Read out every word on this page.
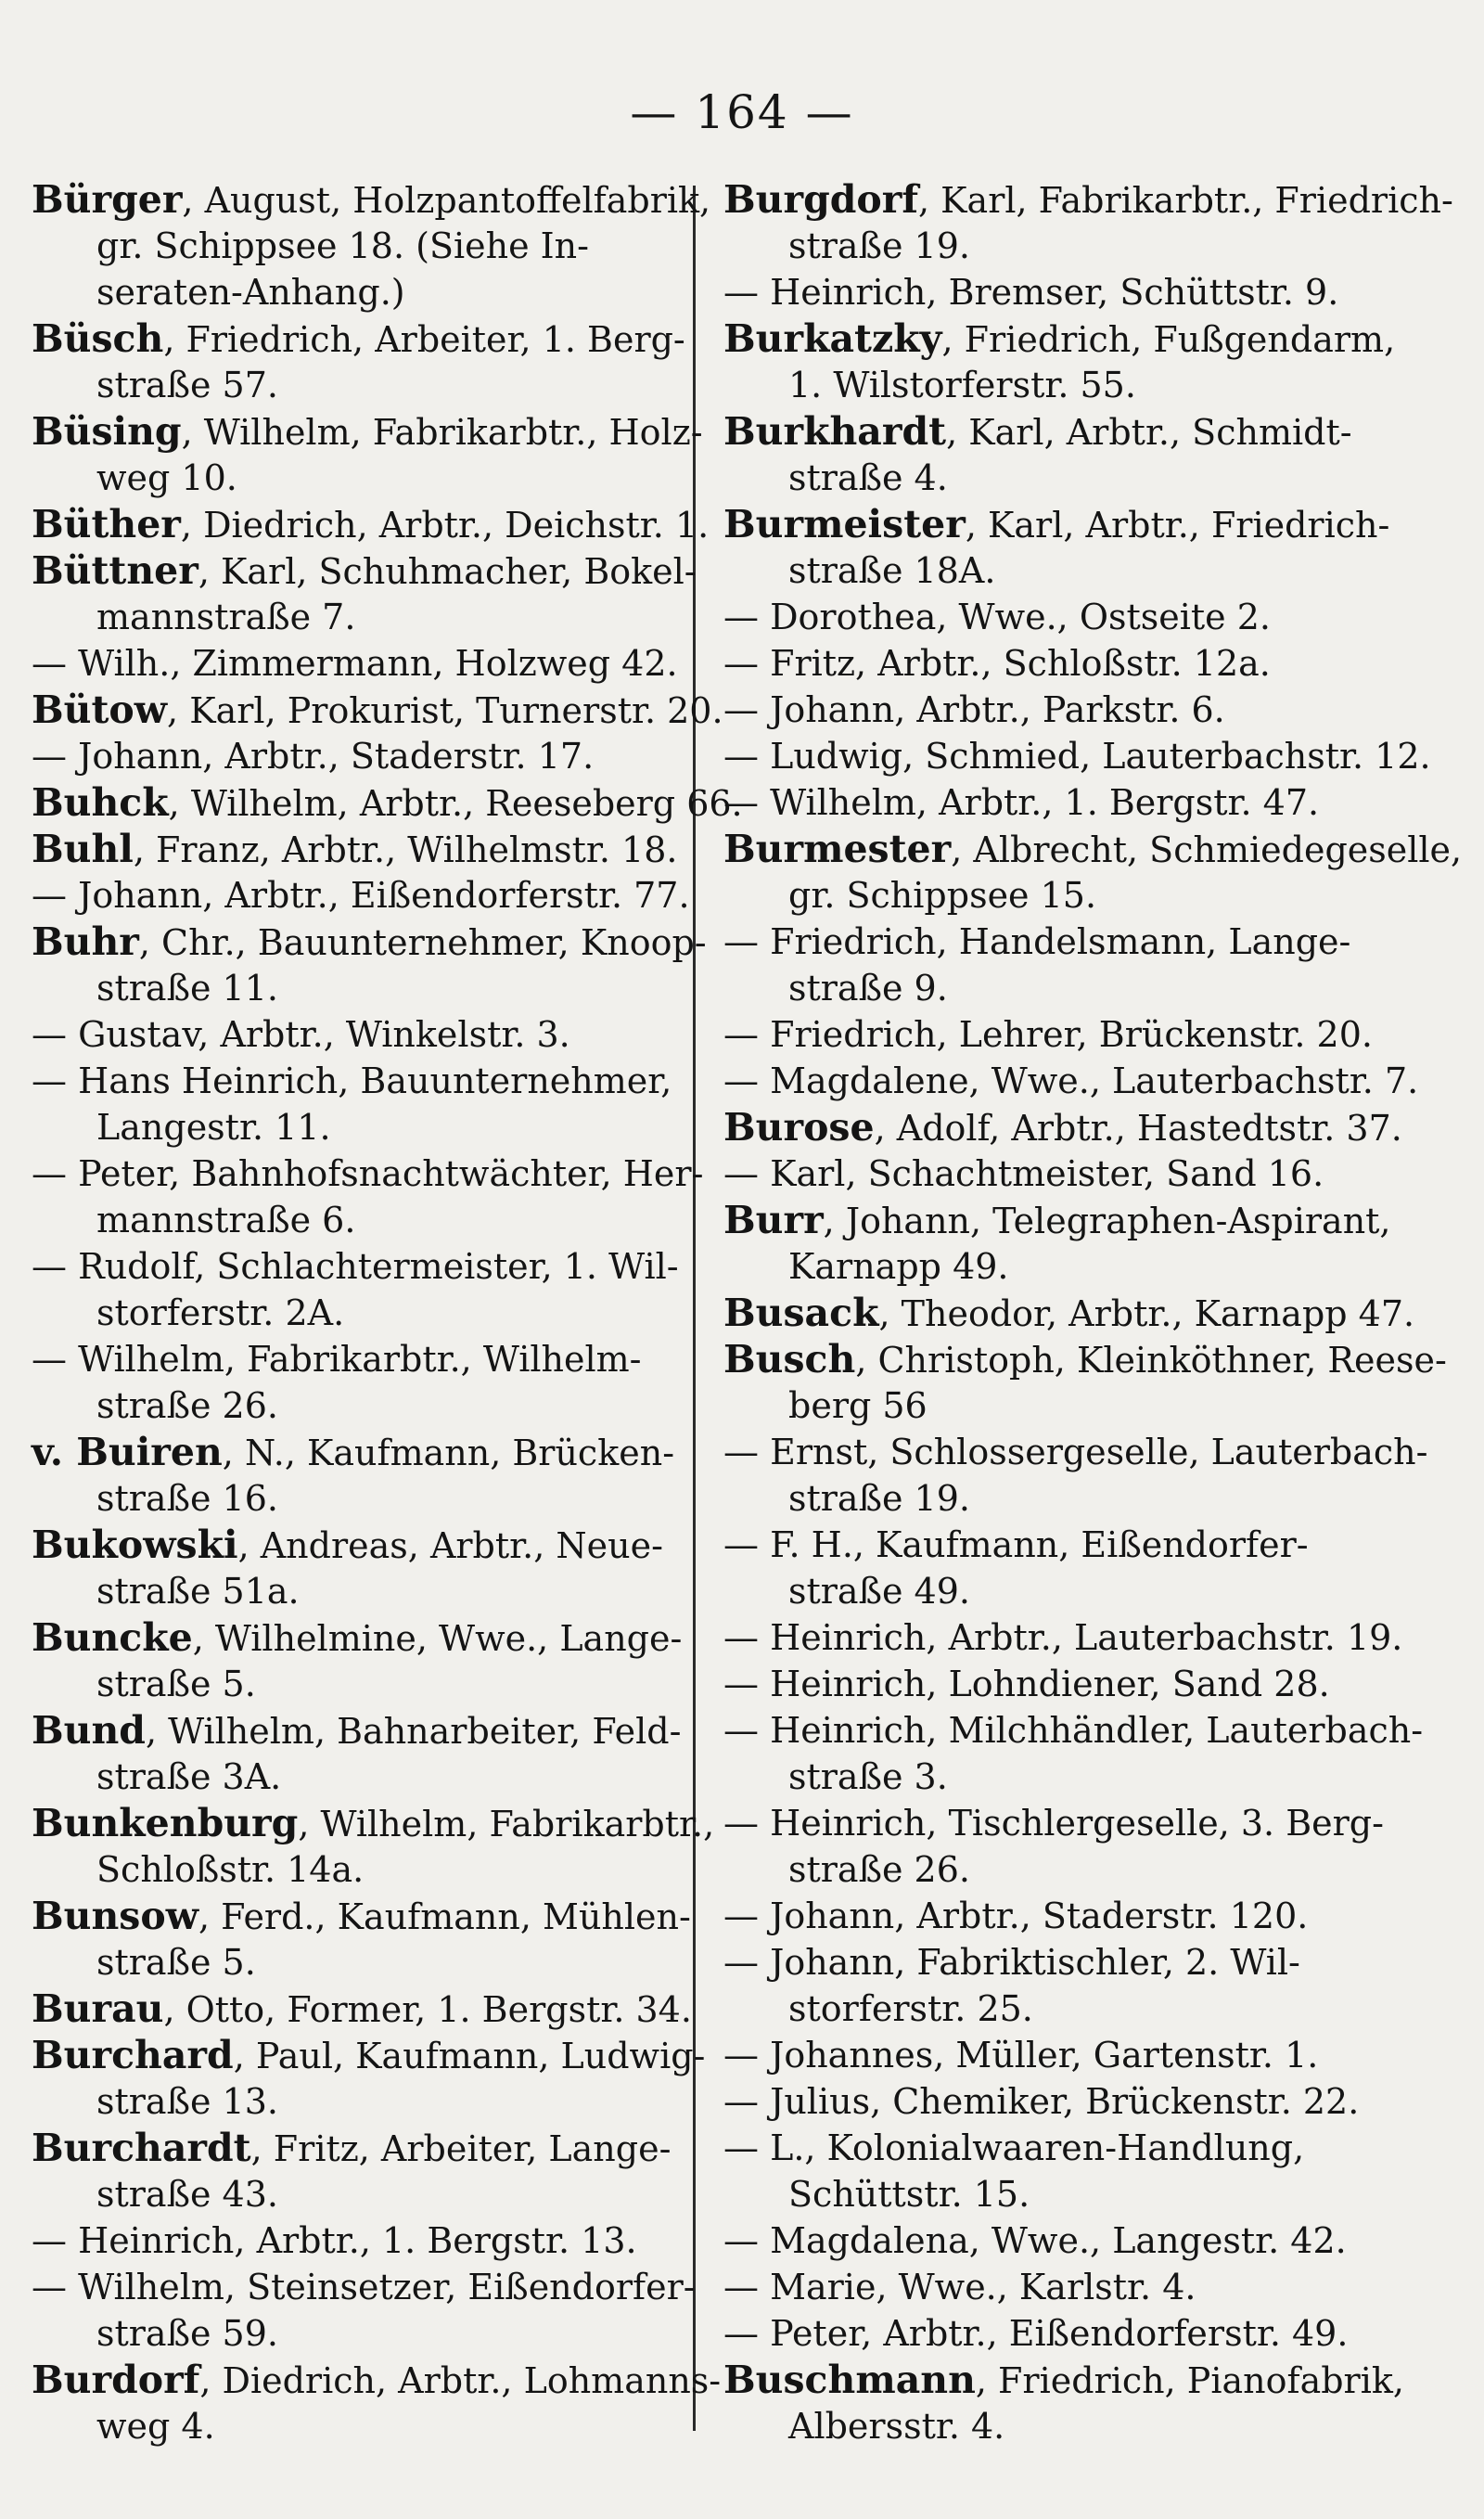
— 164 —
Bürger, August, Holzpantoffelfabrik,
gr. Schippsee 18. (Siehe In-
seraten-Anhang.)
Büsch, Friedrich, Arbeiter, 1. Berg-
straße 57.
Büsing, Wilhelm, Fabrikarbtr., Holz-
weg 10.
Büther, Diedrich, Arbtr., Deichstr. 1.
Büttner, Karl, Schuhmacher, Bokel-
mannstraße 7.
— Wilh., Zimmermann, Holzweg 42.
Bütow, Karl, Prokurist, Turnerstr. 20.
— Johann, Arbtr., Staderstr. 17.
Buhck, Wilhelm, Arbtr., Reeseberg 66.
Buhl, Franz, Arbtr., Wilhelmstr. 18.
— Johann, Arbtr., Eißendorferstr. 77.
Buhr, Chr., Bauunternehmer, Knoop-
straße 11.
— Gustav, Arbtr., Winkelstr. 3.
— Hans Heinrich, Bauunternehmer,
Langestr. 11.
— Peter, Bahnhofsnachtwächter, Her-
mannstraße 6.
— Rudolf, Schlachtermeister, 1. Wil-
storferstr. 2A.
— Wilhelm, Fabrikarbtr., Wilhelm-
straße 26.
v. Buiren, N., Kaufmann, Brücken-
straße 16.
Bukowski, Andreas, Arbtr., Neue-
straße 51a.
Buncke, Wilhelmine, Wwe., Lange-
straße 5.
Bund, Wilhelm, Bahnarbeiter, Feld-
straße 3A.
Bunkenburg, Wilhelm, Fabrikarbtr.,
Schloßstr. 14a.
Bunsow, Ferd., Kaufmann, Mühlen-
straße 5.
Burau, Otto, Former, 1. Bergstr. 34.
Burchard, Paul, Kaufmann, Ludwig-
straße 13.
Burchardt, Fritz, Arbeiter, Lange-
straße 43.
— Heinrich, Arbtr., 1. Bergstr. 13.
— Wilhelm, Steinsetzer, Eißendorfer-
straße 59.
Burdorf, Diedrich, Arbtr., Lohmanns-
weg 4.
Burgdorf, Karl, Fabrikarbtr., Friedrich-
straße 19.
— Heinrich, Bremser, Schüttstr. 9.
Burkatzky, Friedrich, Fußgendarm,
1. Wilstorferstr. 55.
Burkhardt, Karl, Arbtr., Schmidt-
straße 4.
Burmeister, Karl, Arbtr., Friedrich-
straße 18A.
— Dorothea, Wwe., Ostseite 2.
— Fritz, Arbtr., Schloßstr. 12a.
— Johann, Arbtr., Parkstr. 6.
— Ludwig, Schmied, Lauterbachstr. 12.
— Wilhelm, Arbtr., 1. Bergstr. 47.
Burmester, Albrecht, Schmiedegeselle,
gr. Schippsee 15.
— Friedrich, Handelsmann, Lange-
straße 9.
— Friedrich, Lehrer, Brückenstr. 20.
— Magdalene, Wwe., Lauterbachstr. 7.
Burose, Adolf, Arbtr., Hastedtstr. 37.
— Karl, Schachtmeister, Sand 16.
Burr, Johann, Telegraphen-Aspirant,
Karnapp 49.
Busack, Theodor, Arbtr., Karnapp 47.
Busch, Christoph, Kleinköthner, Reese-
berg 56
— Ernst, Schlossergeselle, Lauterbach-
straße 19.
— F. H., Kaufmann, Eißendorfer-
straße 49.
— Heinrich, Arbtr., Lauterbachstr. 19.
— Heinrich, Lohndiener, Sand 28.
— Heinrich, Milchhändler, Lauterbach-
straße 3.
— Heinrich, Tischlergeselle, 3. Berg-
straße 26.
— Johann, Arbtr., Staderstr. 120.
— Johann, Fabriktischler, 2. Wil-
storferstr. 25.
— Johannes, Müller, Gartenstr. 1.
— Julius, Chemiker, Brückenstr. 22.
— L., Kolonialwaaren-Handlung,
Schüttstr. 15.
— Magdalena, Wwe., Langestr. 42.
— Marie, Wwe., Karlstr. 4.
— Peter, Arbtr., Eißendorferstr. 49.
Buschmann, Friedrich, Pianofabrik,
Albersstr. 4.
